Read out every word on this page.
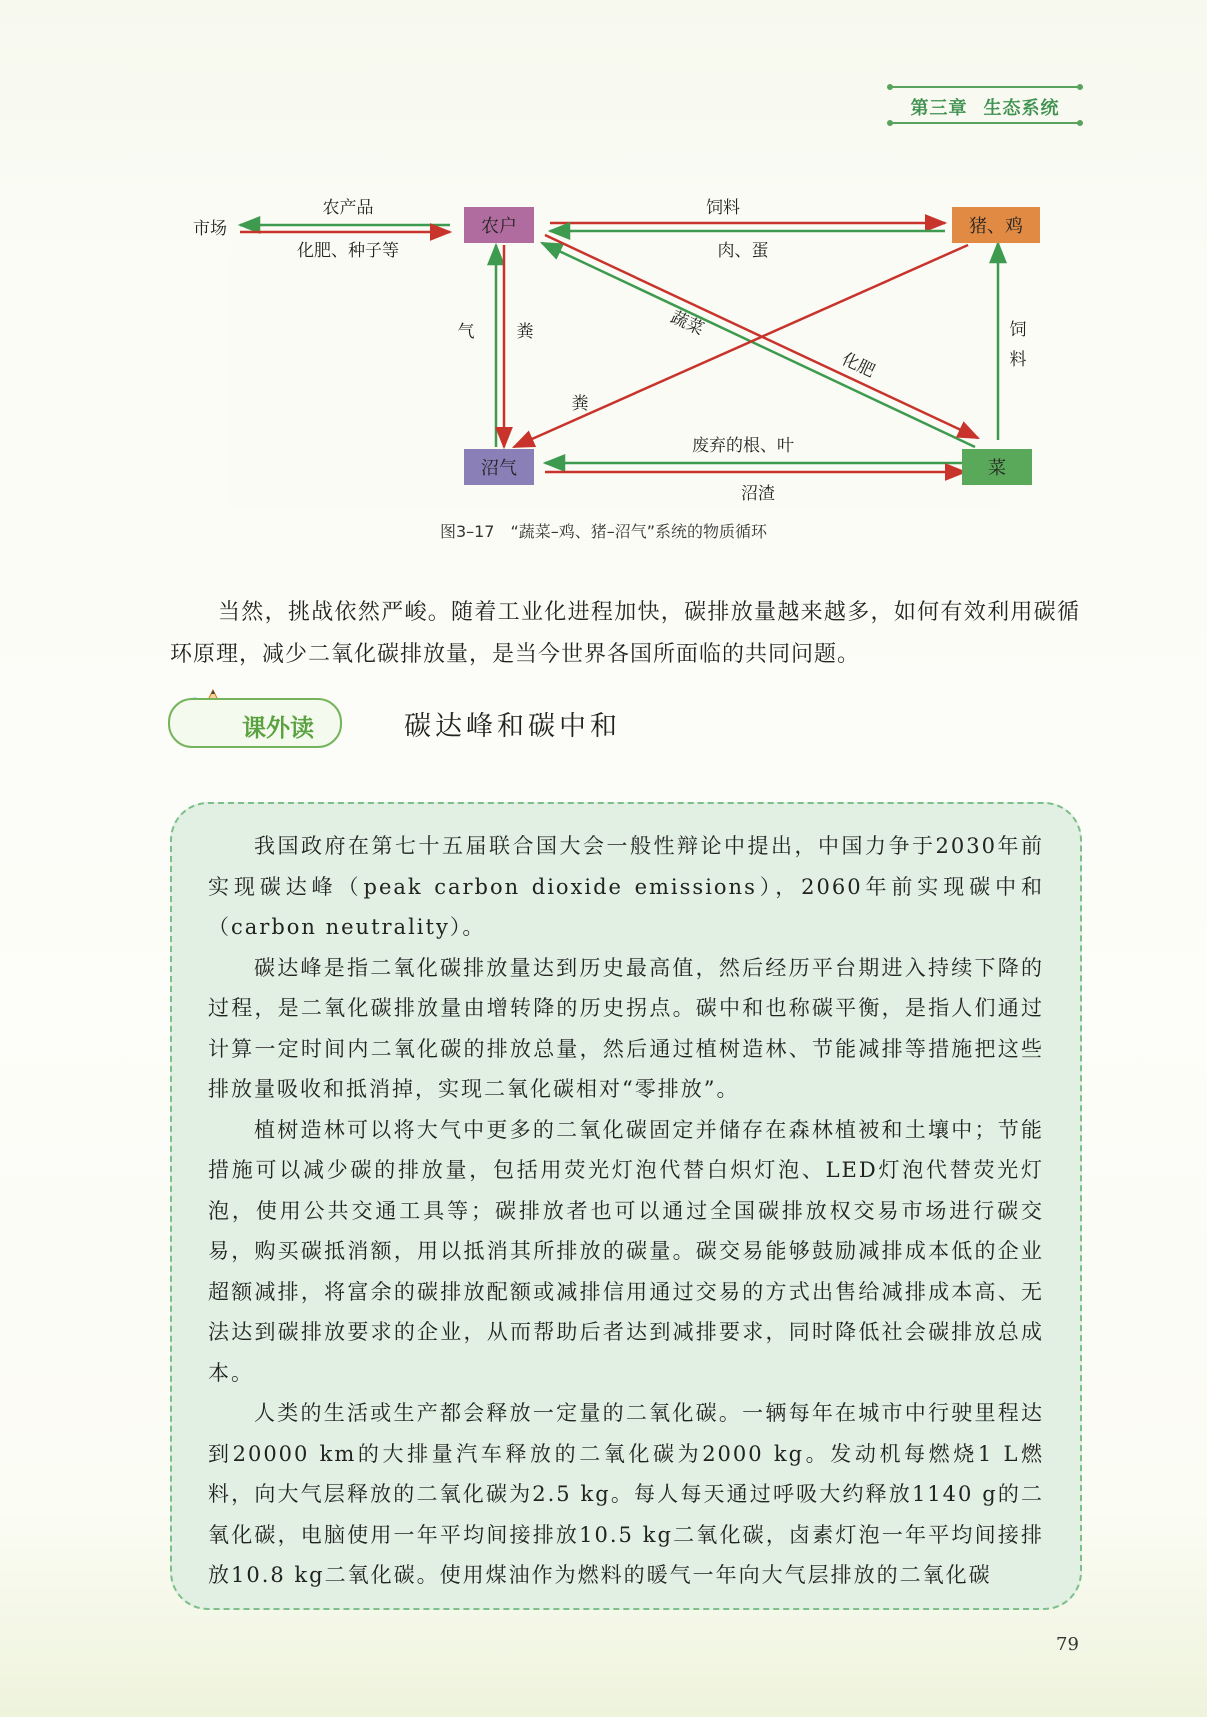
第三章 生态系统
市场	农户	猪、鸡
沼气	菜
农产品
化肥、种子等
饲料
肉、蛋
气 粪	蔬菜
化肥
粪
饲
料
废弃的根、叶
沼渣
图3–17　“蔬菜–鸡、猪–沼气”系统的物质循环

当然，挑战依然严峻。随着工业化进程加快，碳排放量越来越多，如何有效利用碳循环原理，减少二氧化碳排放量，是当今世界各国所面临的共同问题。

课外读	碳达峰和碳中和

我国政府在第七十五届联合国大会一般性辩论中提出，中国力争于2030年前实现碳达峰（peak carbon dioxide emissions），2060年前实现碳中和（carbon neutrality）。

碳达峰是指二氧化碳排放量达到历史最高值，然后经历平台期进入持续下降的过程，是二氧化碳排放量由增转降的历史拐点。碳中和也称碳平衡，是指人们通过计算一定时间内二氧化碳的排放总量，然后通过植树造林、节能减排等措施把这些排放量吸收和抵消掉，实现二氧化碳相对“零排放”。

植树造林可以将大气中更多的二氧化碳固定并储存在森林植被和土壤中；节能措施可以减少碳的排放量，包括用荧光灯泡代替白炽灯泡、LED灯泡代替荧光灯泡，使用公共交通工具等；碳排放者也可以通过全国碳排放权交易市场进行碳交易，购买碳抵消额，用以抵消其所排放的碳量。碳交易能够鼓励减排成本低的企业超额减排，将富余的碳排放配额或减排信用通过交易的方式出售给减排成本高、无法达到碳排放要求的企业，从而帮助后者达到减排要求，同时降低社会碳排放总成本。

人类的生活或生产都会释放一定量的二氧化碳。一辆每年在城市中行驶里程达到20000 km的大排量汽车释放的二氧化碳为2000 kg。发动机每燃烧1 L燃料，向大气层释放的二氧化碳为2.5 kg。每人每天通过呼吸大约释放1140 g的二氧化碳，电脑使用一年平均间接排放10.5 kg二氧化碳，卤素灯泡一年平均间接排放10.8 kg二氧化碳。使用煤油作为燃料的暖气一年向大气层排放的二氧化碳

79
